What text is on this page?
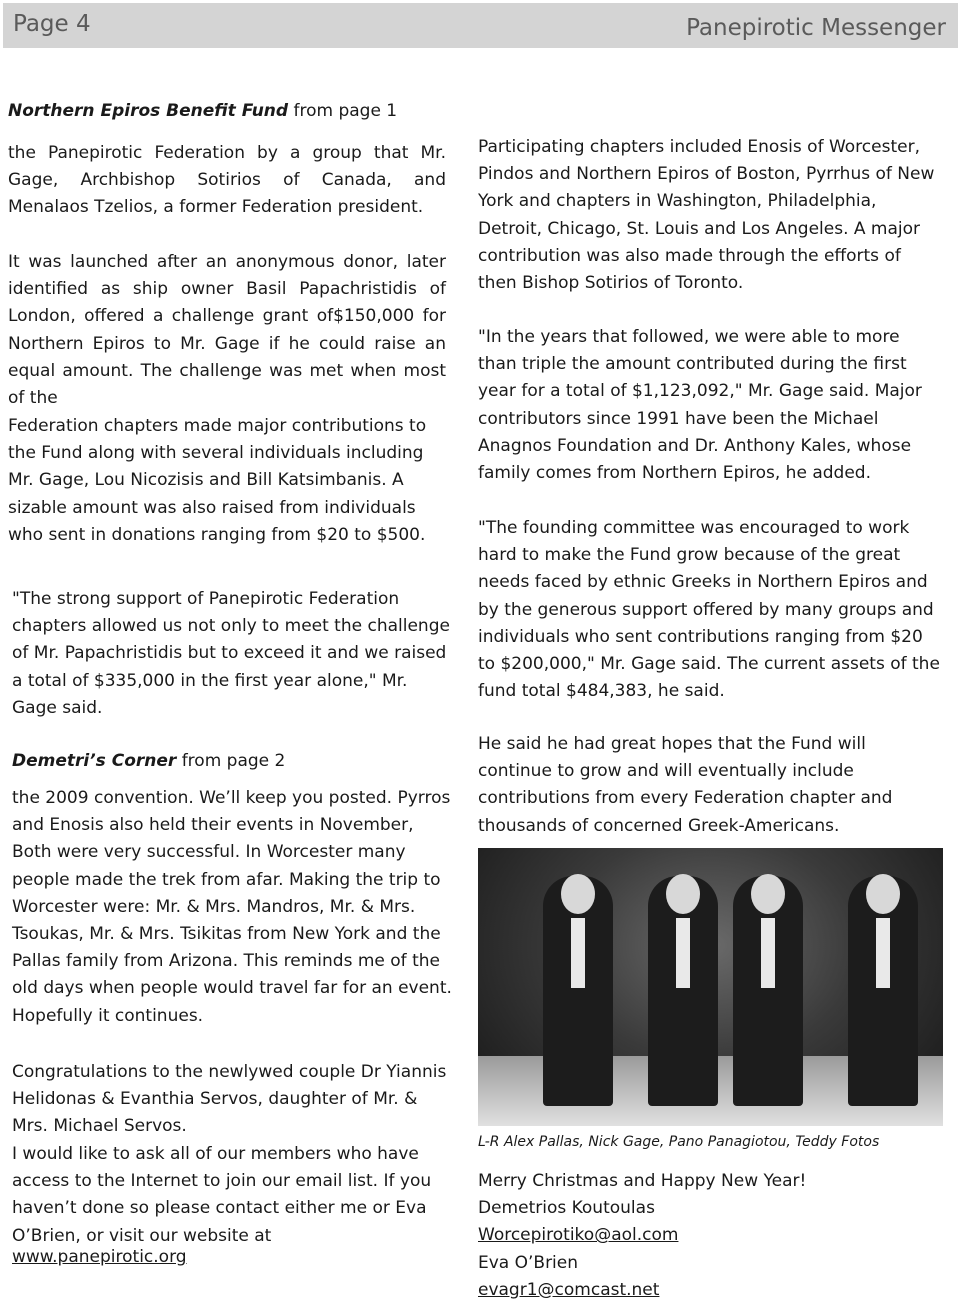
Page 4	Panepirotic Messenger
Northern Epiros Benefit Fund from page 1

the Panepirotic Federation by a group that Mr. Gage, Archbishop Sotirios of Canada, and Menalaos Tzelios, a former Federation president.

It was launched after an anonymous donor, later identified as ship owner Basil Papachristidis of London, offered a challenge grant of$150,000 for Northern Epiros to Mr. Gage if he could raise an equal amount. The challenge was met when most of the

Federation chapters made major contributions to the Fund along with several individuals including Mr. Gage, Lou Nicozisis and Bill Katsimbanis. A sizable amount was also raised from individuals who sent in donations ranging from $20 to $500.

"The strong support of Panepirotic Federation chapters allowed us not only to meet the challenge of Mr. Papachristidis but to exceed it and we raised a total of $335,000 in the first year alone," Mr. Gage said.

Demetri’s Corner from page 2

the 2009 convention. We’ll keep you posted. Pyrros and Enosis also held their events in November, Both were very successful. In Worcester many people made the trek from afar. Making the trip to Worcester were: Mr. & Mrs. Mandros, Mr. & Mrs. Tsoukas, Mr. & Mrs. Tsikitas from New York and the Pallas family from Arizona. This reminds me of the old days when people would travel far for an event. Hopefully it continues.

Congratulations to the newlywed couple Dr Yiannis Helidonas & Evanthia Servos, daughter of Mr. & Mrs. Michael Servos.

I would like to ask all of our members who have access to the Internet to join our email list. If you haven’t done so please contact either me or Eva O’Brien, or visit our website at

www.panepirotic.org

Participating chapters included Enosis of Worcester, Pindos and Northern Epiros of Boston, Pyrrhus of New York and chapters in Washington, Philadelphia, Detroit, Chicago, St. Louis and Los Angeles. A major contribution was also made through the efforts of then Bishop Sotirios of Toronto.

"In the years that followed, we were able to more than triple the amount contributed during the first year for a total of $1,123,092," Mr. Gage said. Major contributors since 1991 have been the Michael Anagnos Foundation and Dr. Anthony Kales, whose family comes from Northern Epiros, he added.

"The founding committee was encouraged to work hard to make the Fund grow because of the great needs faced by ethnic Greeks in Northern Epiros and by the generous support offered by many groups and individuals who sent contributions ranging from $20 to $200,000," Mr. Gage said. The current assets of the fund total $484,383, he said.

He said he had great hopes that the Fund will continue to grow and will eventually include contributions from every Federation chapter and thousands of concerned Greek-Americans.

L-R Alex Pallas, Nick Gage, Pano Panagiotou, Teddy Fotos
Merry Christmas and Happy New Year!
Demetrios Koutoulas
Worcepirotiko@aol.com
Eva O’Brien
evagr1@comcast.net
